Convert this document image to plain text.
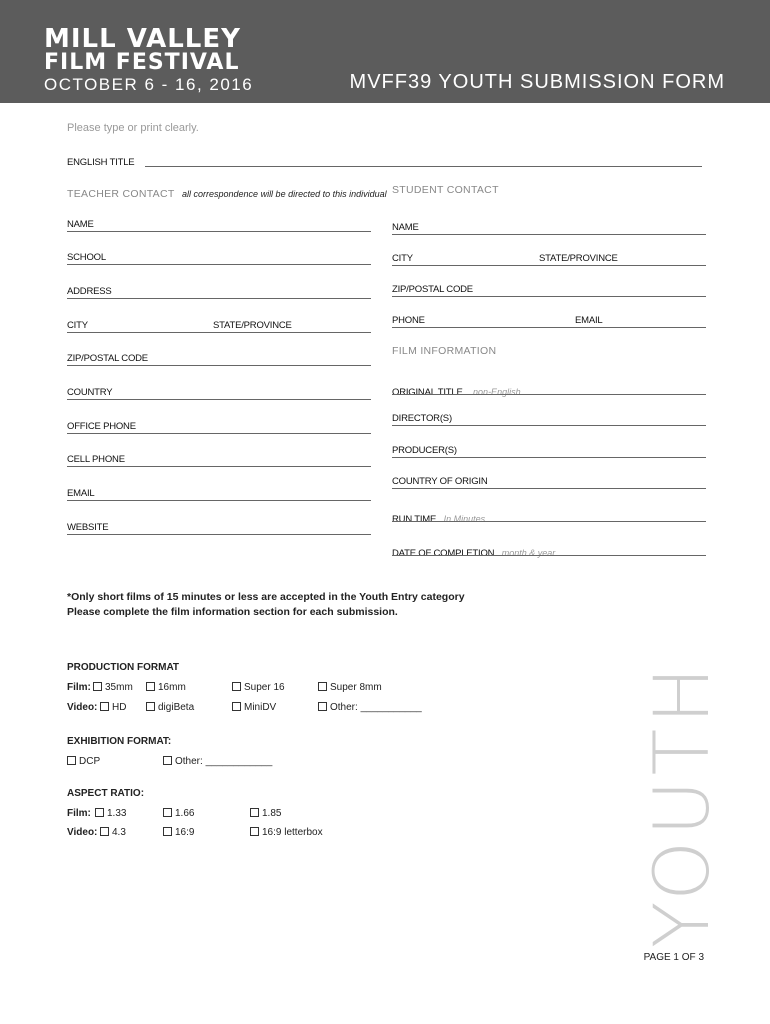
MILL VALLEY
FILM FESTIVAL
OCTOBER 6 - 16, 2016	MVFF39 YOUTH SUBMISSION FORM
Please type or print clearly.
ENGLISH TITLE
TEACHER CONTACT all correspondence will be directed to this individual
NAME
SCHOOL
ADDRESS
CITY	STATE/PROVINCE
ZIP/POSTAL CODE
COUNTRY
OFFICE PHONE
CELL PHONE
EMAIL
WEBSITE
STUDENT CONTACT
NAME
CITY	STATE/PROVINCE
ZIP/POSTAL CODE
PHONE	EMAIL
FILM INFORMATION
ORIGINAL TITLE non-English
DIRECTOR(S)
PRODUCER(S)
COUNTRY OF ORIGIN
RUN TIME In Minutes
DATE OF COMPLETION month & year
*Only short films of 15 minutes or less are accepted in the Youth Entry category
Please complete the film information section for each submission.
PRODUCTION FORMAT
Film:	35mm	16mm	Super 16	Super 8mm
Video:	HD	digiBeta	MiniDV	Other: ___________
EXHIBITION FORMAT:
DCP	Other: ____________
ASPECT RATIO:
Film:	1.33	1.66	1.85
Video:	4.3	16:9	16:9 letterbox	YOUTH
PAGE 1 OF 3
